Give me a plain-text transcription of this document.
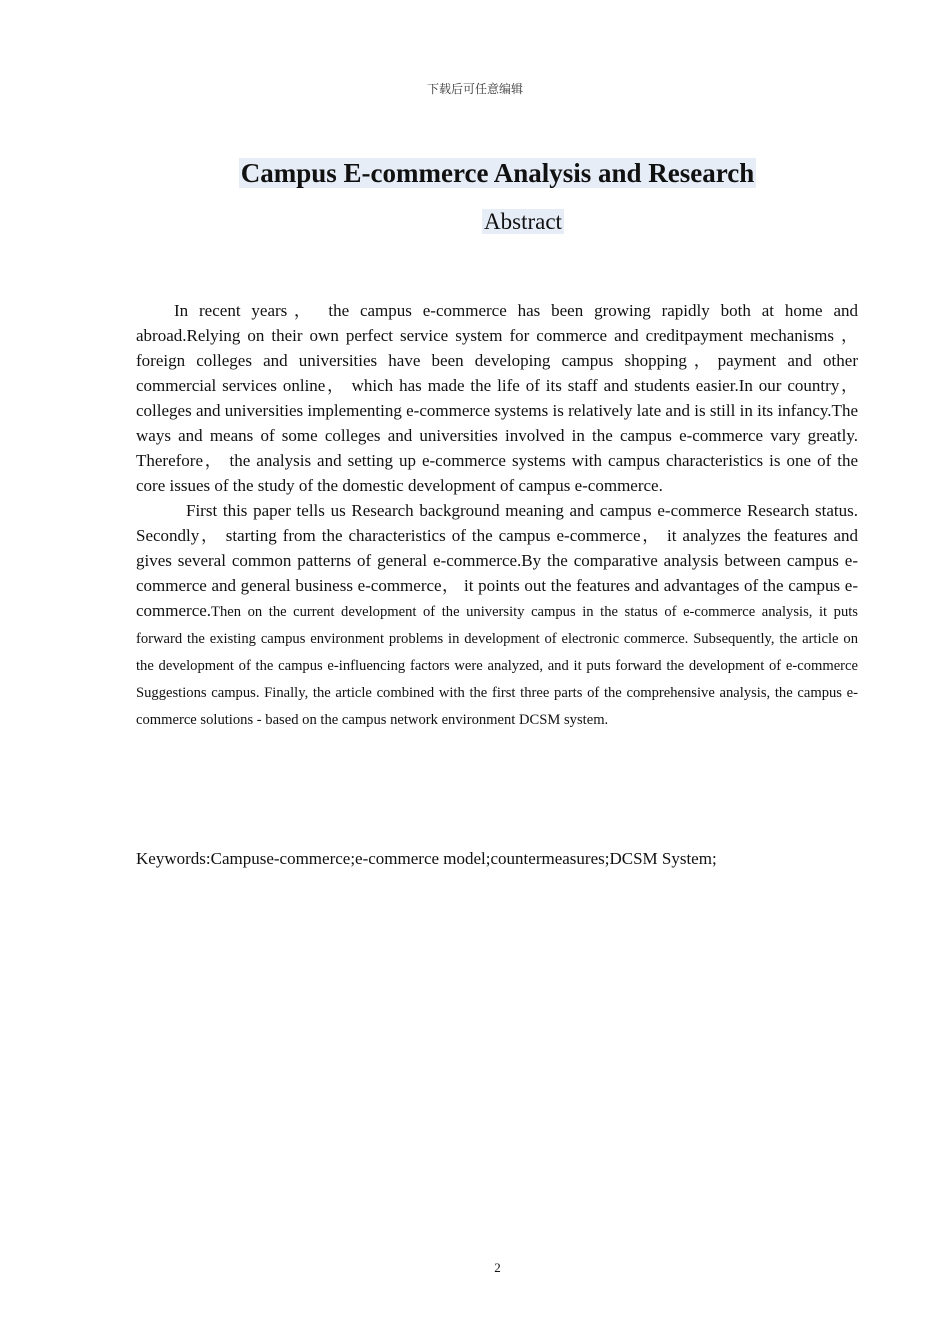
下载后可任意编辑
Campus E-commerce Analysis and Research
Abstract

In recent years， the campus e-commerce has been growing rapidly both at home and abroad.Relying on their own perfect service system for commerce and creditpayment mechanisms ， foreign colleges and universities have been developing campus shopping，payment and other commercial services online， which has made the life of its staff and students easier.In our country， colleges and universities implementing e-commerce systems is relatively late and is still in its infancy.The ways and means of some colleges and universities involved in the campus e-commerce vary greatly. Therefore， the analysis and setting up e-commerce systems with campus characteristics is one of the core issues of the study of the domestic development of campus e-commerce.

First this paper tells us Research background meaning and campus e-commerce Research status. Secondly， starting from the characteristics of the campus e-commerce， it analyzes the features and gives several common patterns of general e-commerce.By the comparative analysis between campus e-commerce and general business e-commerce， it points out the features and advantages of the campus e-commerce.Then on the current development of the university campus in the status of e-commerce analysis, it puts forward the existing campus environment problems in development of electronic commerce. Subsequently, the article on the development of the campus e-influencing factors were analyzed, and it puts forward the development of e-commerce Suggestions campus. Finally, the article combined with the first three parts of the comprehensive analysis, the campus e-commerce solutions - based on the campus network environment DCSM system.

Keywords:Campuse-commerce;e-commerce model;countermeasures;DCSM System;
2
